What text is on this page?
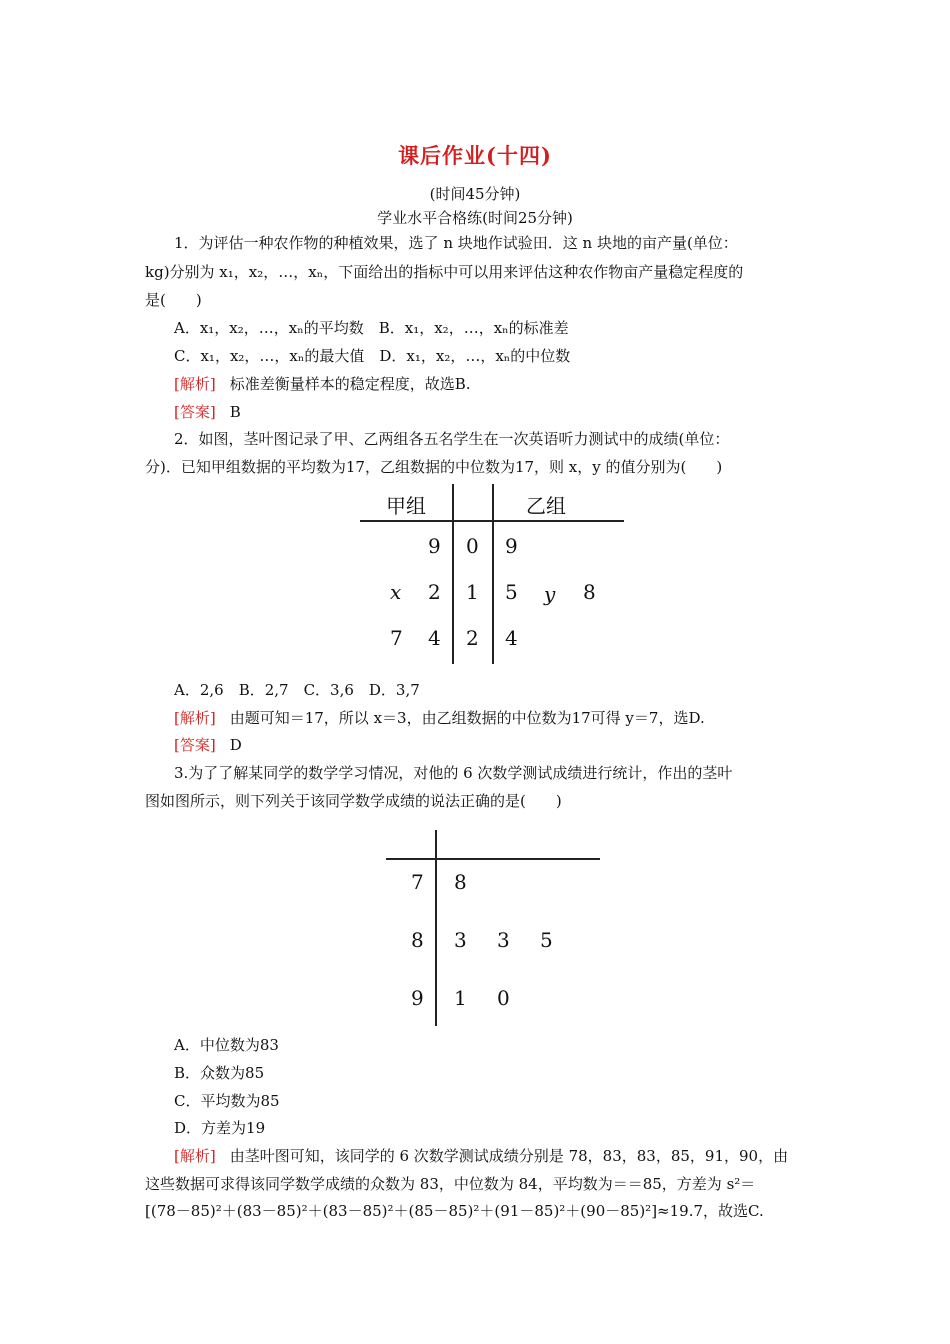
课后作业(十四)
(时间45分钟)
学业水平合格练(时间25分钟)
1．为评估一种农作物的种植效果，选了 n 块地作试验田．这 n 块地的亩产量(单位：
kg)分别为 x₁，x₂，…，xₙ，下面给出的指标中可以用来评估这种农作物亩产量稳定程度的
是(　　)
A．x₁，x₂，…，xₙ的平均数　B．x₁，x₂，…，xₙ的标准差
C．x₁，x₂，…，xₙ的最大值　D．x₁，x₂，…，xₙ的中位数
[解析] 标准差衡量样本的稳定程度，故选B.
[答案] B
2．如图，茎叶图记录了甲、乙两组各五名学生在一次英语听力测试中的成绩(单位：
分)．已知甲组数据的平均数为17，乙组数据的中位数为17，则 x，y 的值分别为(　　)
甲组	乙组
9 0 9
x 2 1 5 y 8
7 4 2 4
A．2,6　B．2,7　C．3,6　D．3,7
[解析] 由题可知＝17，所以 x＝3，由乙组数据的中位数为17可得 y＝7，选D.
[答案] D
3.为了了解某同学的数学学习情况，对他的 6 次数学测试成绩进行统计，作出的茎叶
图如图所示，则下列关于该同学数学成绩的说法正确的是(　　)
7 8
8 3 3 5
9 1 0
A．中位数为83
B．众数为85
C．平均数为85
D．方差为19
[解析] 由茎叶图可知，该同学的 6 次数学测试成绩分别是 78，83，83，85，91，90，由
这些数据可求得该同学数学成绩的众数为 83，中位数为 84，平均数为＝＝85，方差为 s²＝
[(78－85)²＋(83－85)²＋(83－85)²＋(85－85)²＋(91－85)²＋(90－85)²]≈19.7，故选C.
